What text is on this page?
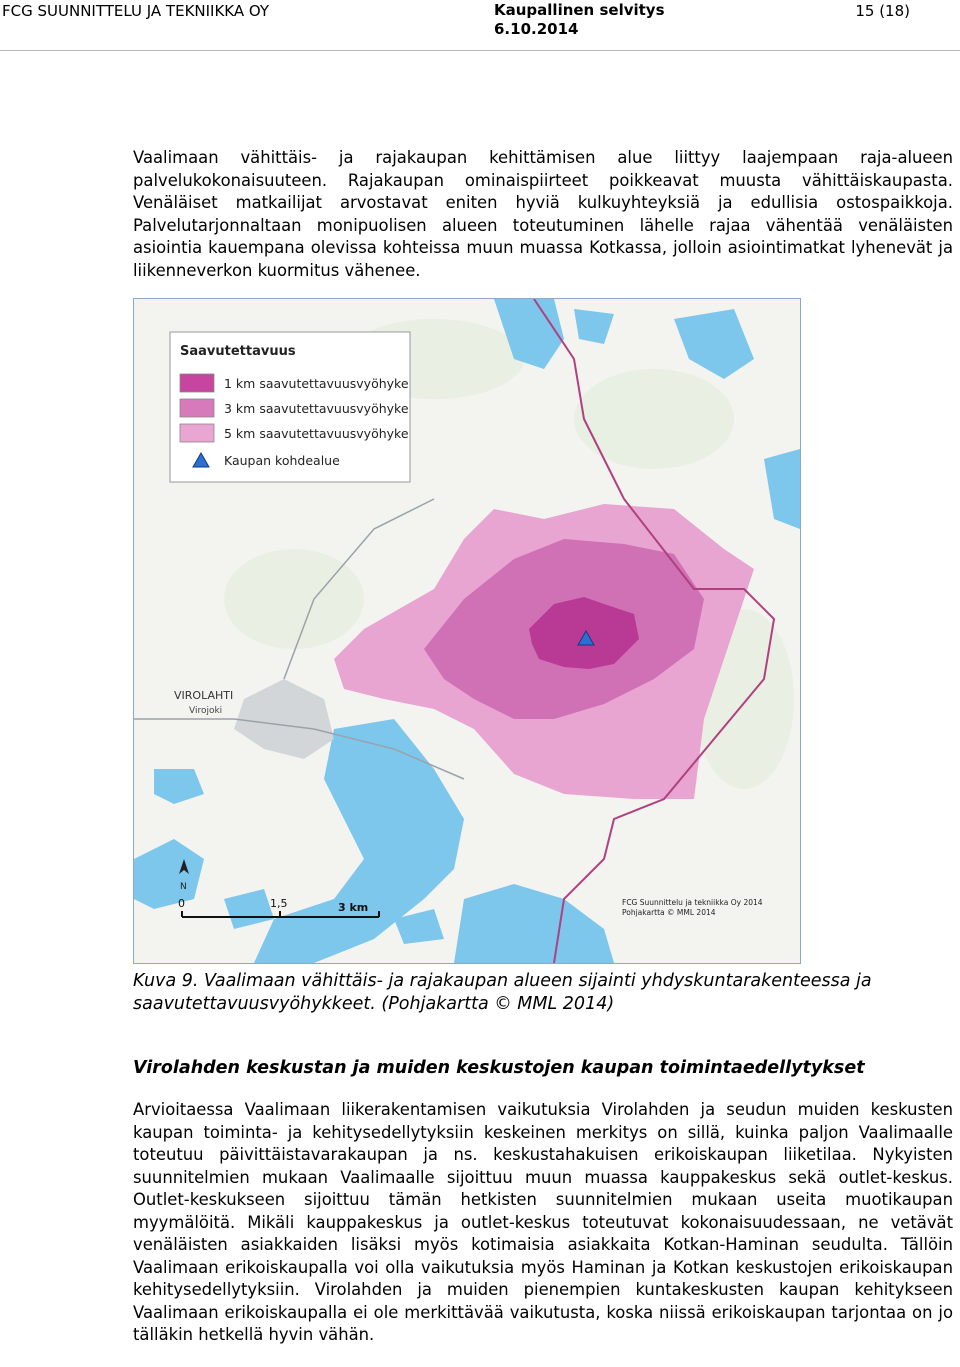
FCG SUUNNITTELU JA TEKNIIKKA OY	Kaupallinen selvitys
6.10.2014
15 (18)

Vaalimaan vähittäis- ja rajakaupan kehittämisen alue liittyy laajempaan raja-alueen palvelukokonaisuuteen. Rajakaupan ominaispiirteet poikkeavat muusta vähittäiskaupasta. Venäläiset matkailijat arvostavat eniten hyviä kulkuyhteyksiä ja edullisia ostospaikkoja. Palvelutarjonnaltaan monipuolisen alueen toteutuminen lähelle rajaa vähentää venäläisten asiointia kauempana olevissa kohteissa muun muassa Kotkassa, jolloin asiointimatkat lyhenevät ja liikenneverkon kuormitus vähenee.

VIROLAHTI
Virojoki
Saavutettavuus
1 km saavutettavuusvyöhyke
3 km saavutettavuusvyöhyke
5 km saavutettavuusvyöhyke
Kaupan kohdealue
N
0	1,5	3 km	FCG Suunnittelu ja tekniikka Oy 2014
Pohjakartta © MML 2014
Kuva 9. Vaalimaan vähittäis- ja rajakaupan alueen sijainti yhdyskuntarakenteessa ja
saavutettavuusvyöhykkeet. (Pohjakartta © MML 2014)
Virolahden keskustan ja muiden keskustojen kaupan toimintaedellytykset

Arvioitaessa Vaalimaan liikerakentamisen vaikutuksia Virolahden ja seudun muiden keskusten kaupan toiminta- ja kehitysedellytyksiin keskeinen merkitys on sillä, kuinka paljon Vaalimaalle toteutuu päivittäistavarakaupan ja ns. keskustahakuisen erikoiskaupan liiketilaa. Nykyisten suunnitelmien mukaan Vaalimaalle sijoittuu muun muassa kauppakeskus sekä outlet-keskus. Outlet-keskukseen sijoittuu tämän hetkisten suunnitelmien mukaan useita muotikaupan myymälöitä. Mikäli kauppakeskus ja outlet-keskus toteutuvat kokonaisuudessaan, ne vetävät venäläisten asiakkaiden lisäksi myös kotimaisia asiakkaita Kotkan-Haminan seudulta. Tällöin Vaalimaan erikoiskaupalla voi olla vaikutuksia myös Haminan ja Kotkan keskustojen erikoiskaupan kehitysedellytyksiin. Virolahden ja muiden pienempien kuntakeskusten kaupan kehitykseen Vaalimaan erikoiskaupalla ei ole merkittävää vaikutusta, koska niissä erikoiskaupan tarjontaa on jo tälläkin hetkellä hyvin vähän.
